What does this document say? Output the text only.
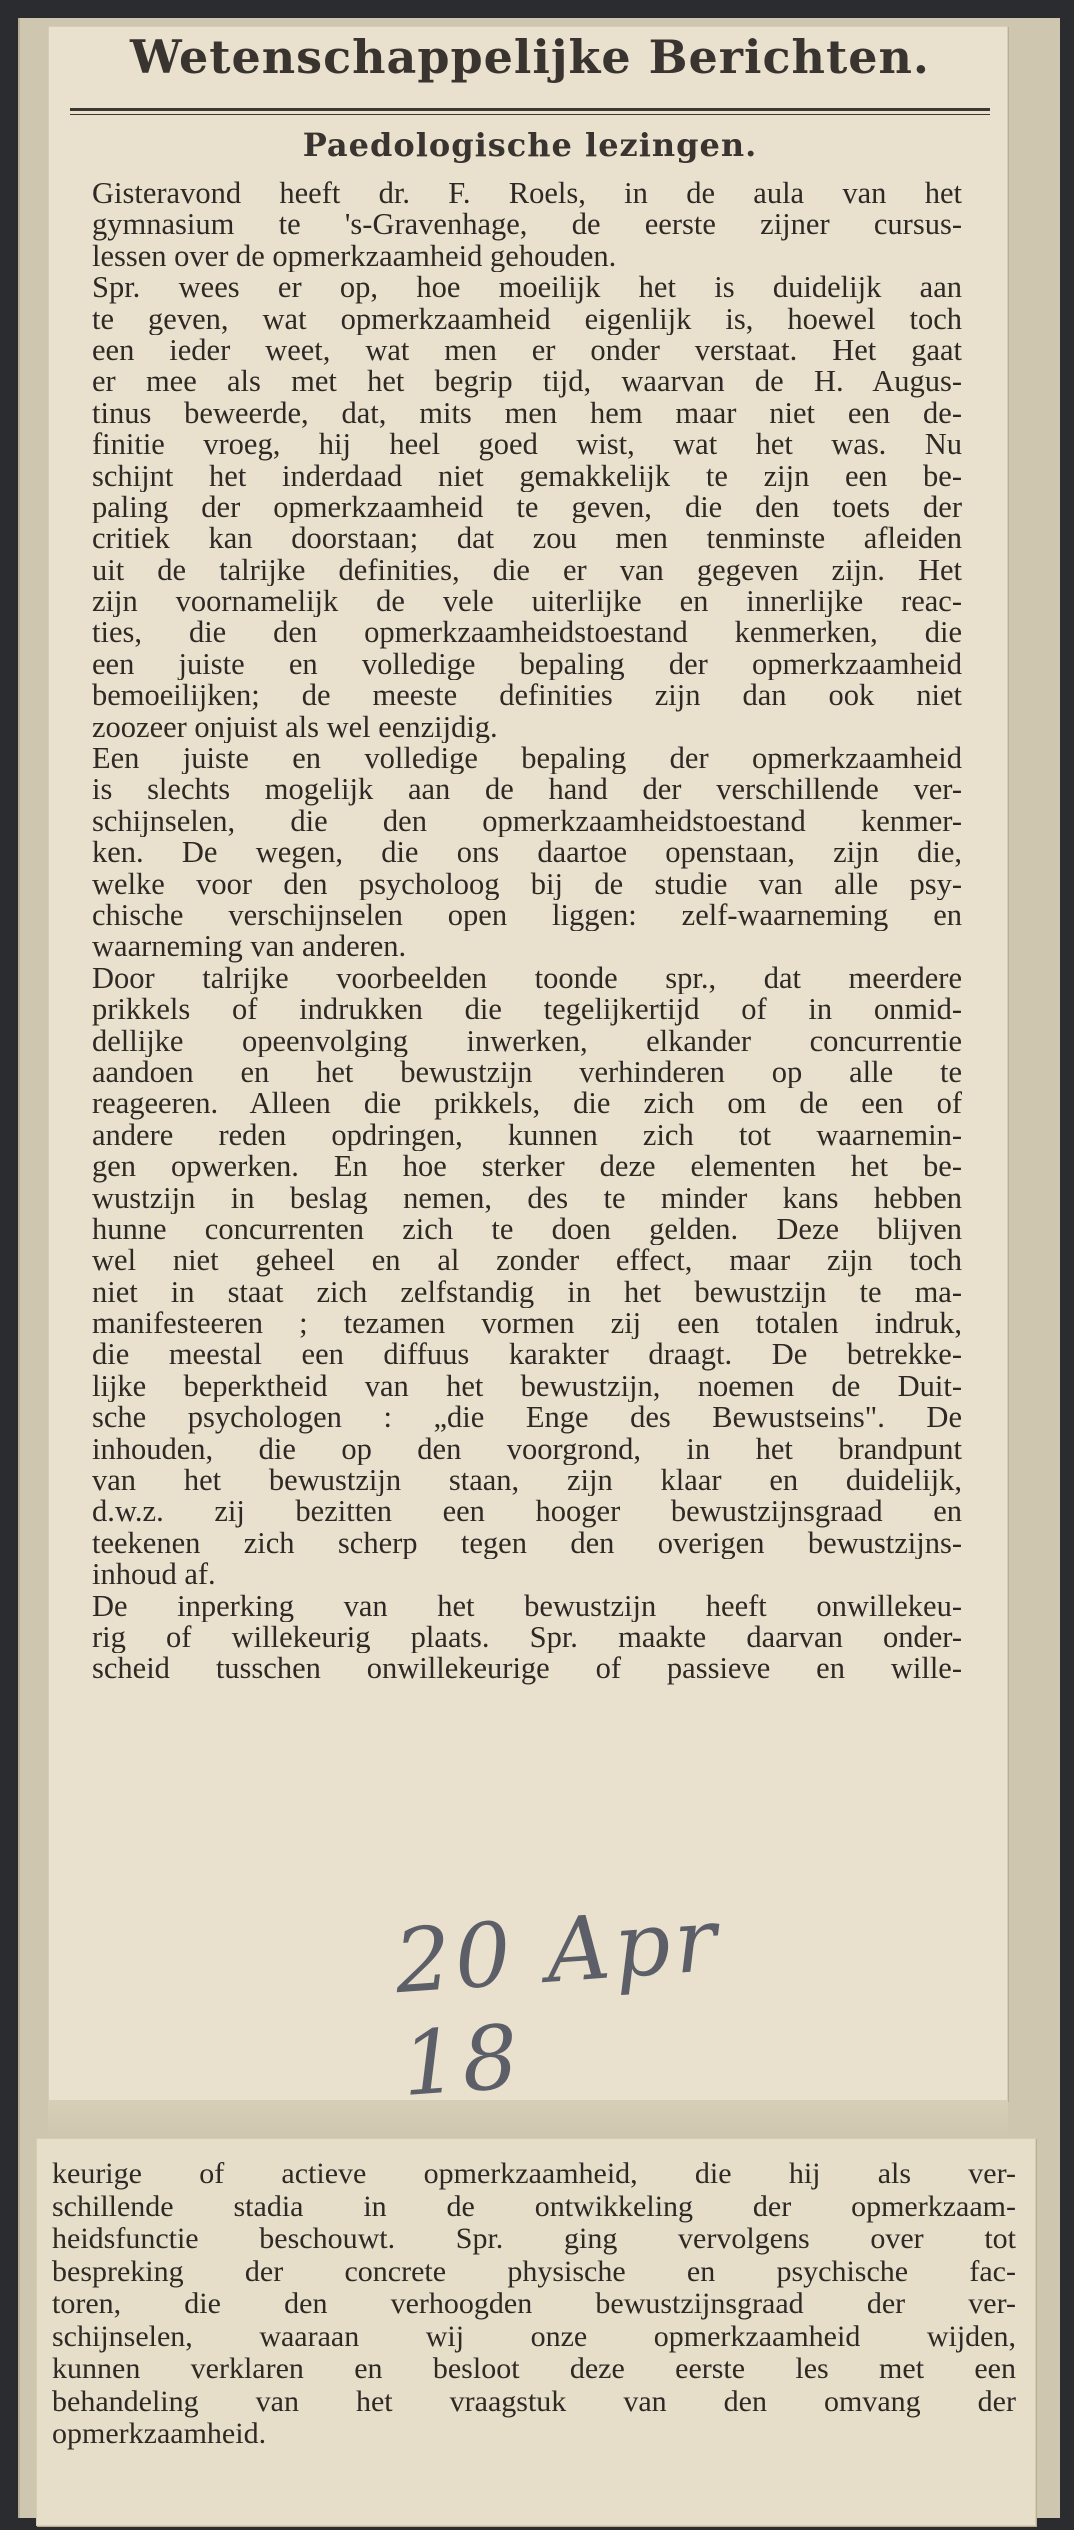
Wetenschappelijke Berichten.
Paedologische lezingen.
Gisteravond heeft dr. F. Roels, in de aula van het
gymnasium te 's-Gravenhage, de eerste zijner cursus-
lessen over de opmerkzaamheid gehouden.
Spr. wees er op, hoe moeilijk het is duidelijk aan
te geven, wat opmerkzaamheid eigenlijk is, hoewel toch
een ieder weet, wat men er onder verstaat. Het gaat
er mee als met het begrip tijd, waarvan de H. Augus-
tinus beweerde, dat, mits men hem maar niet een de-
finitie vroeg, hij heel goed wist, wat het was. Nu
schijnt het inderdaad niet gemakkelijk te zijn een be-
paling der opmerkzaamheid te geven, die den toets der
critiek kan doorstaan; dat zou men tenminste afleiden
uit de talrijke definities, die er van gegeven zijn. Het
zijn voornamelijk de vele uiterlijke en innerlijke reac-
ties, die den opmerkzaamheidstoestand kenmerken, die
een juiste en volledige bepaling der opmerkzaamheid
bemoeilijken; de meeste definities zijn dan ook niet
zoozeer onjuist als wel eenzijdig.
Een juiste en volledige bepaling der opmerkzaamheid
is slechts mogelijk aan de hand der verschillende ver-
schijnselen, die den opmerkzaamheidstoestand kenmer-
ken. De wegen, die ons daartoe openstaan, zijn die,
welke voor den psycholoog bij de studie van alle psy-
chische verschijnselen open liggen: zelf-waarneming en
waarneming van anderen.
Door talrijke voorbeelden toonde spr., dat meerdere
prikkels of indrukken die tegelijkertijd of in onmid-
dellijke opeenvolging inwerken, elkander concurrentie
aandoen en het bewustzijn verhinderen op alle te
reageeren. Alleen die prikkels, die zich om de een of
andere reden opdringen, kunnen zich tot waarnemin-
gen opwerken. En hoe sterker deze elementen het be-
wustzijn in beslag nemen, des te minder kans hebben
hunne concurrenten zich te doen gelden. Deze blijven
wel niet geheel en al zonder effect, maar zijn toch
niet in staat zich zelfstandig in het bewustzijn te ma-
manifesteeren ; tezamen vormen zij een totalen indruk,
die meestal een diffuus karakter draagt. De betrekke-
lijke beperktheid van het bewustzijn, noemen de Duit-
sche psychologen : „die Enge des Bewustseins". De
inhouden, die op den voorgrond, in het brandpunt
van het bewustzijn staan, zijn klaar en duidelijk,
d.w.z. zij bezitten een hooger bewustzijnsgraad en
teekenen zich scherp tegen den overigen bewustzijns-
inhoud af.
De inperking van het bewustzijn heeft onwillekeu-
rig of willekeurig plaats. Spr. maakte daarvan onder-
scheid tusschen onwillekeurige of passieve en wille-
20 Apr 18
keurige of actieve opmerkzaamheid, die hij als ver-
schillende stadia in de ontwikkeling der opmerkzaam-
heidsfunctie beschouwt. Spr. ging vervolgens over tot
bespreking der concrete physische en psychische fac-
toren, die den verhoogden bewustzijnsgraad der ver-
schijnselen, waaraan wij onze opmerkzaamheid wijden,
kunnen verklaren en besloot deze eerste les met een
behandeling van het vraagstuk van den omvang der
opmerkzaamheid.
